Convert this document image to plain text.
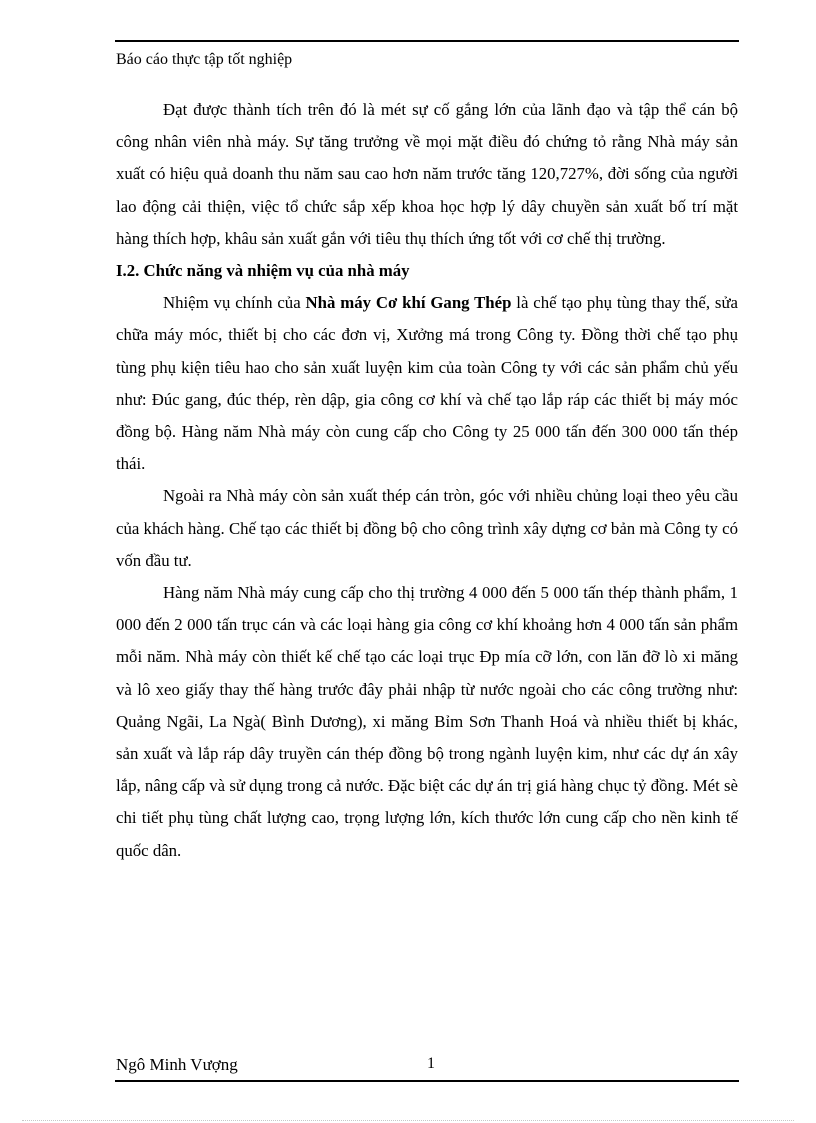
Báo cáo thực tập tốt nghiệp

Đạt được thành tích trên đó là mét sự cố gắng lớn của lãnh đạo và tập thể cán bộ công nhân viên nhà máy. Sự tăng trưởng về mọi mặt điều đó chứng tỏ rằng Nhà máy sản xuất có hiệu quả doanh thu năm sau cao hơn năm trước tăng 120,727%, đời sống của người lao động cải thiện, việc tổ chức sắp xếp khoa học hợp lý dây chuyền sản xuất bố trí mặt hàng thích hợp, khâu sản xuất gắn với tiêu thụ thích ứng tốt với cơ chế thị trường.

I.2. Chức năng và nhiệm vụ của nhà máy

Nhiệm vụ chính của Nhà máy Cơ khí Gang Thép là chế tạo phụ tùng thay thế, sửa chữa máy móc, thiết bị cho các đơn vị, Xưởng má trong Công ty. Đồng thời chế tạo phụ tùng phụ kiện tiêu hao cho sản xuất luyện kim của toàn Công ty với các sản phẩm chủ yếu như: Đúc gang, đúc thép, rèn dập, gia công cơ khí và chế tạo lắp ráp các thiết bị máy móc đồng bộ. Hàng năm Nhà máy còn cung cấp cho Công ty 25 000 tấn đến 300 000 tấn thép thái.

Ngoài ra Nhà máy còn sản xuất thép cán tròn, góc với nhiều chủng loại theo yêu cầu của khách hàng. Chế tạo các thiết bị đồng bộ cho công trình xây dựng cơ bản mà Công ty có vốn đầu tư.

Hàng năm Nhà máy cung cấp cho thị trường 4 000 đến 5 000 tấn thép thành phẩm, 1 000 đến 2 000 tấn trục cán và các loại hàng gia công cơ khí khoảng hơn 4 000 tấn sản phẩm mỗi năm. Nhà máy còn thiết kế chế tạo các loại trục Đp mía cỡ lớn, con lăn đỡ lò xi măng và lô xeo giấy thay thế hàng trước đây phải nhập từ nước ngoài cho các công trường như: Quảng Ngãi, La Ngà( Bình Dương), xi măng Bỉm Sơn Thanh Hoá và nhiều thiết bị khác, sản xuất và lắp ráp dây truyền cán thép đồng bộ trong ngành luyện kim, như các dự án xây lắp, nâng cấp và sử dụng trong cả nước. Đặc biệt các dự án trị giá hàng chục tỷ đồng. Mét sè chi tiết phụ tùng chất lượng cao, trọng lượng lớn, kích thước lớn cung cấp cho nền kinh tế quốc dân.

Ngô Minh Vượng	1
